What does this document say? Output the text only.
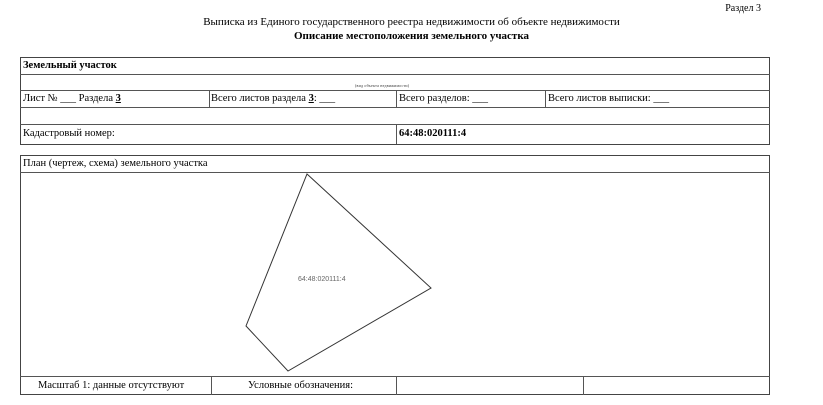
Раздел 3
Выписка из Единого государственного реестра недвижимости об объекте недвижимости
Описание местоположения земельного участка
Земельный участок
(вид объекта недвижимости)
Лист № ___ Раздела 3	Всего листов раздела 3: ___	Всего разделов: ___	Всего листов выписки: ___
Кадастровый номер:	64:48:020111:4
План (чертеж, схема) земельного участка
64:48:020111:4
Масштаб 1: данные отсутствуют	Условные обозначения:
